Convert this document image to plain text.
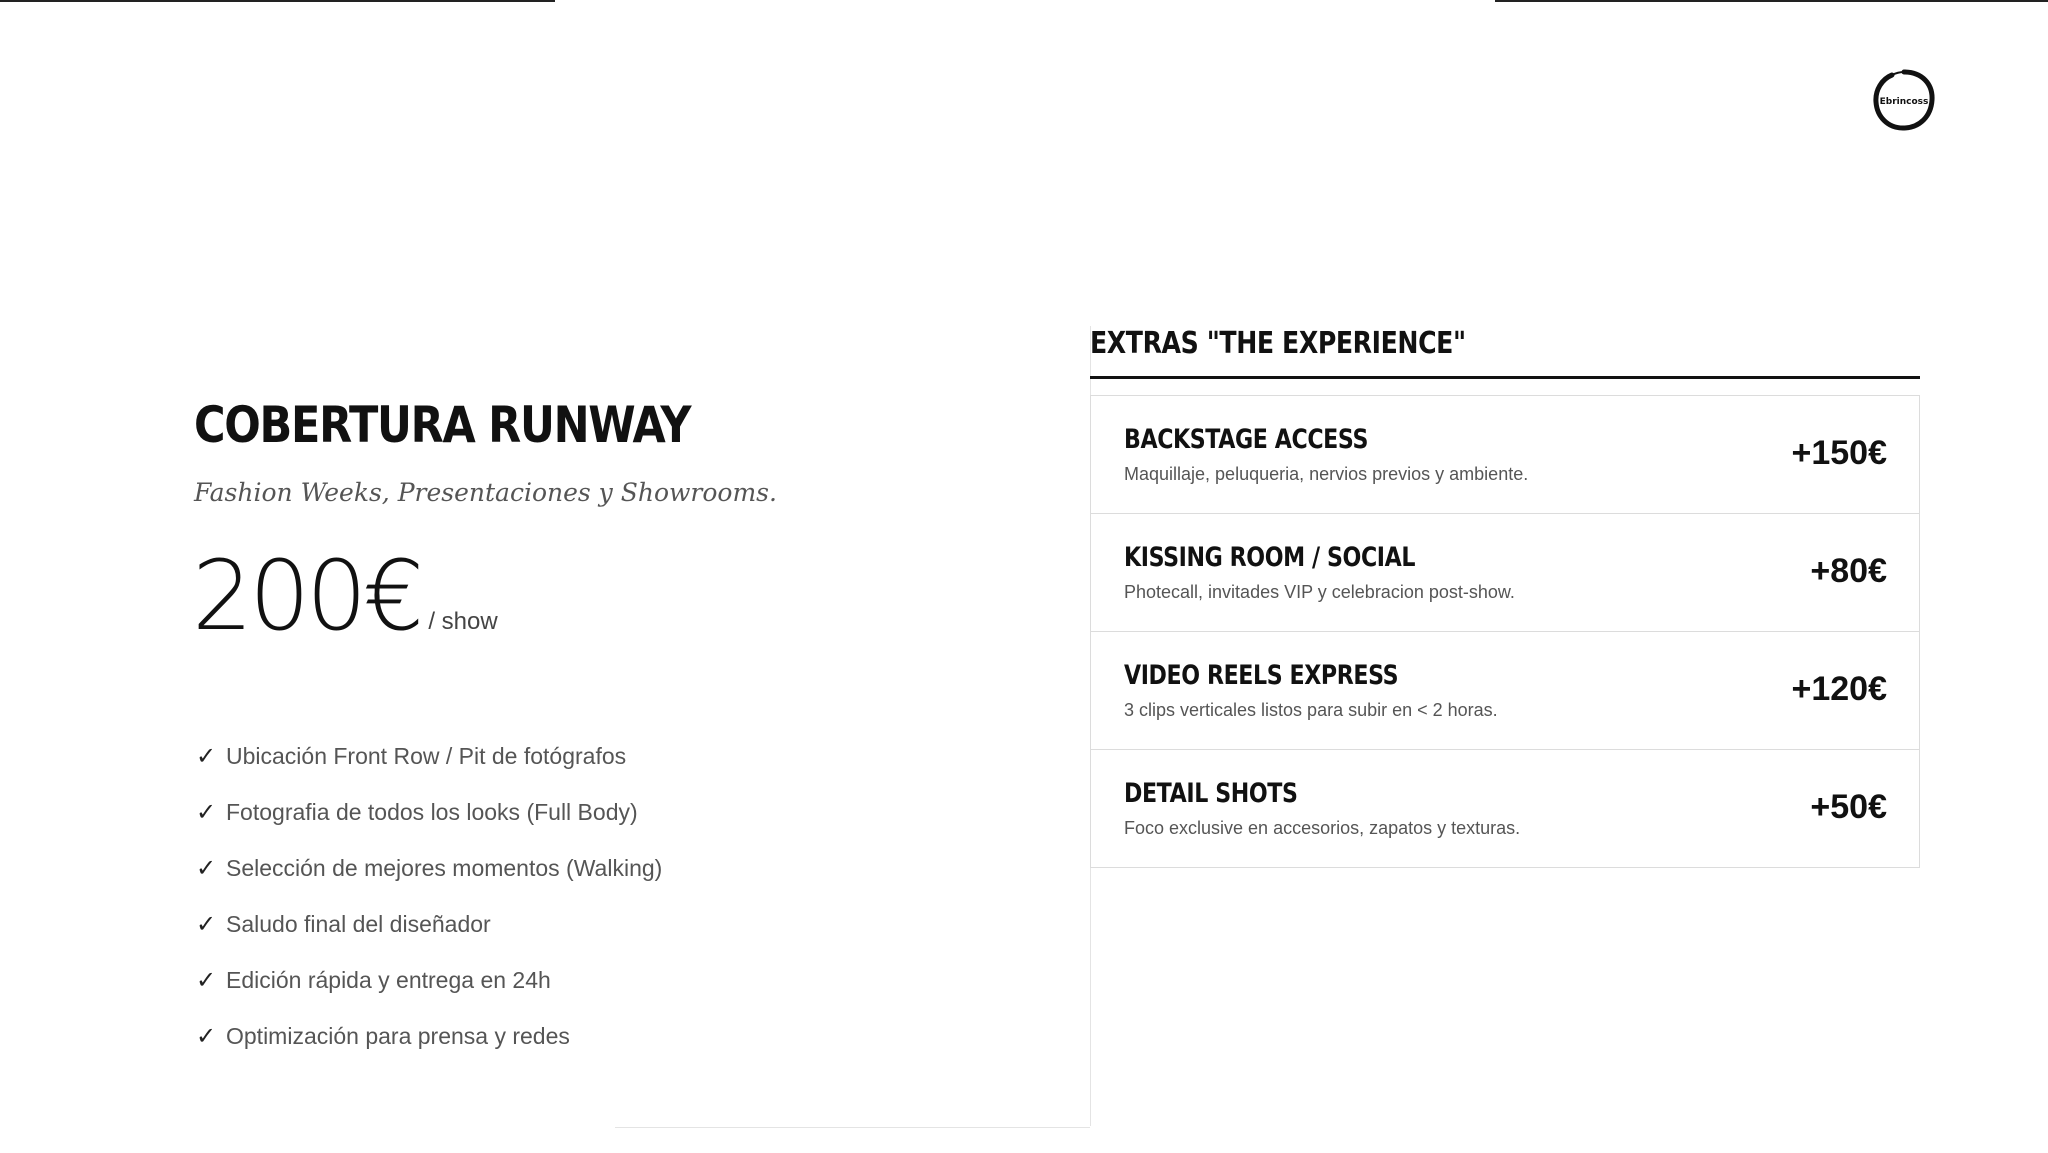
Ebrincoss
COBERTURA RUNWAY

Fashion Weeks, Presentaciones y Showrooms.

200€ / show
✓ Ubicación Front Row / Pit de fotógrafos
✓ Fotografia de todos los looks (Full Body)
✓ Selección de mejores momentos (Walking)
✓ Saludo final del diseñador
✓ Edición rápida y entrega en 24h
✓ Optimización para prensa y redes
EXTRAS "THE EXPERIENCE"
BACKSTAGE ACCESS
Maquillaje, peluqueria, nervios previos y ambiente.
+150€
KISSING ROOM / SOCIAL
Photecall, invitades VIP y celebracion post-show.
+80€
VIDEO REELS EXPRESS
3 clips verticales listos para subir en < 2 horas.
+120€
DETAIL SHOTS
Foco exclusive en accesorios, zapatos y texturas.
+50€
